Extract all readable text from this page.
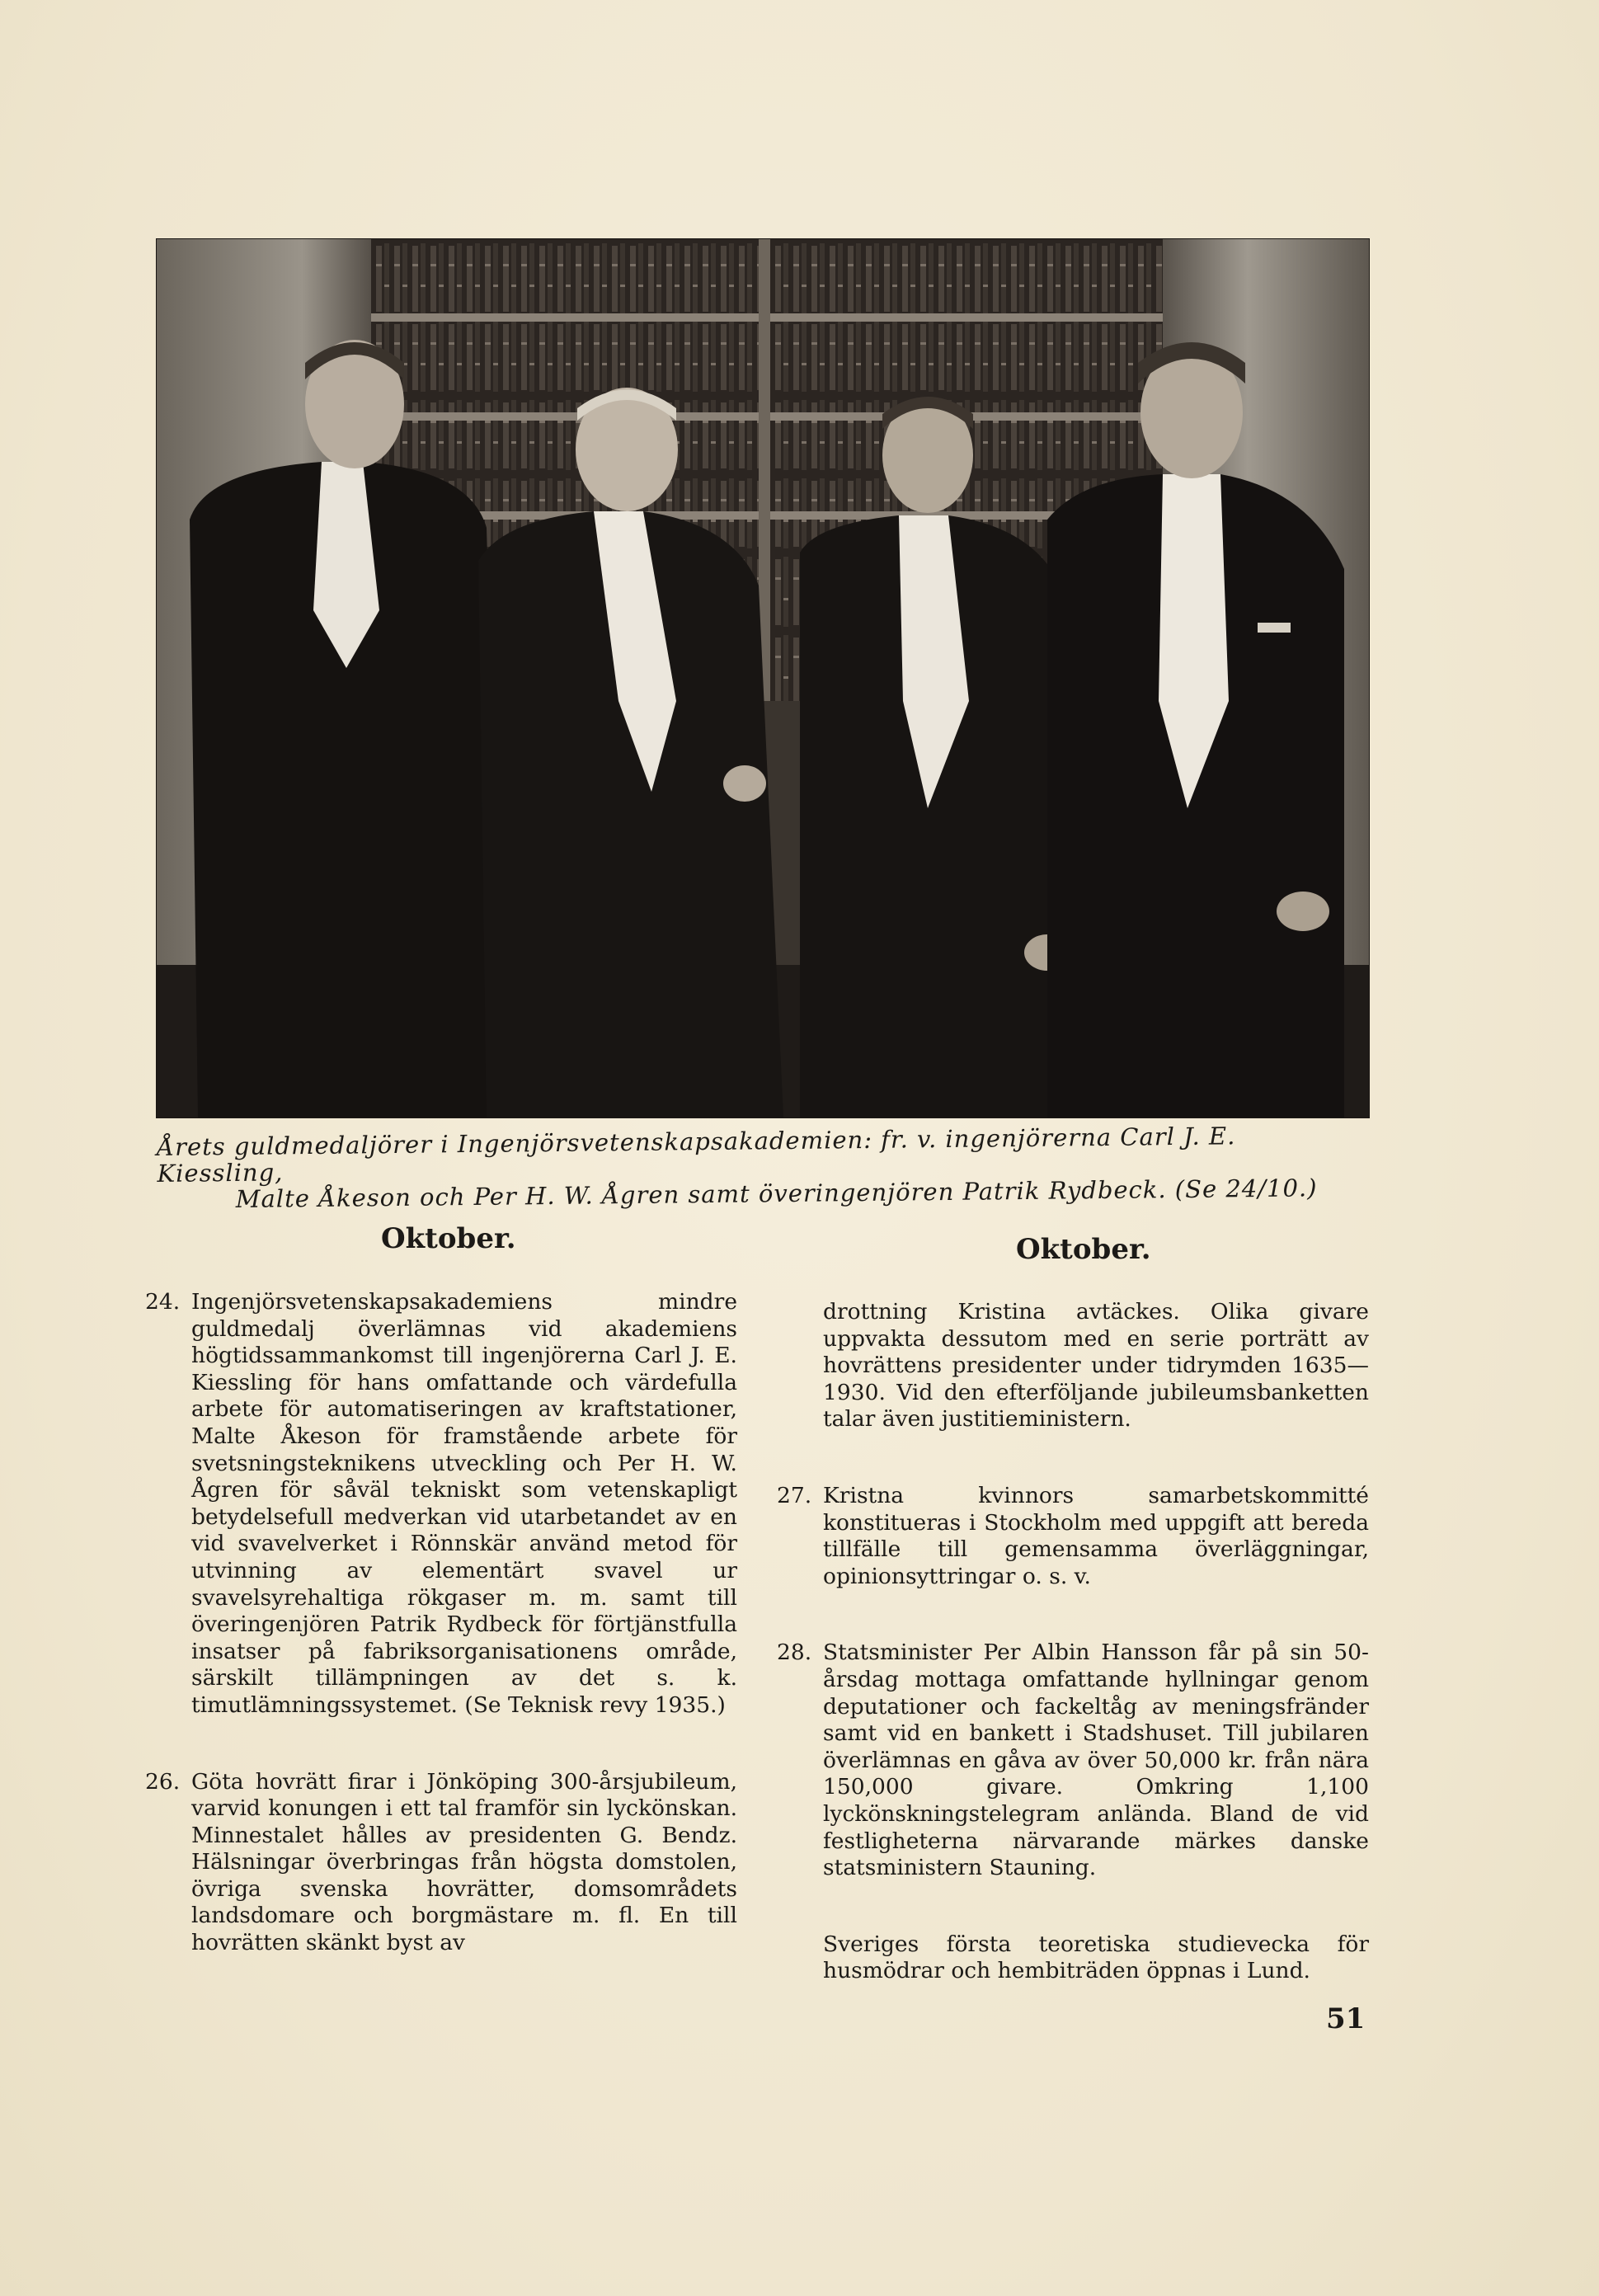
Årets guldmedaljörer i Ingenjörsvetenskapsakademien: fr. v. ingenjörerna Carl J. E. Kiessling,
Malte Åkeson och Per H. W. Ågren samt överingenjören Patrik Rydbeck. (Se 24/10.)
Oktober.	Oktober.
24. Ingenjörsvetenskapsakademiens mindre guldmedalj överlämnas vid akademiens högtidssammankomst till ingenjörerna Carl J. E. Kiessling för hans omfattande och värdefulla arbete för automatiseringen av kraftstationer, Malte Åkeson för framstående arbete för svetsningsteknikens utveckling och Per H. W. Ågren för såväl tekniskt som vetenskapligt betydelsefull medverkan vid utarbetandet av en vid svavelverket i Rönnskär använd metod för utvinning av elementärt svavel ur svavelsyrehaltiga rökgaser m. m. samt till överingenjören Patrik Rydbeck för förtjänstfulla insatser på fabriksorganisationens område, särskilt tillämpningen av det s. k. timutlämningssystemet. (Se Teknisk revy 1935.)
26. Göta hovrätt firar i Jönköping 300-årsjubileum, varvid konungen i ett tal framför sin lyckönskan. Minnestalet hålles av presidenten G. Bendz. Hälsningar överbringas från högsta domstolen, övriga svenska hovrätter, domsområdets landsdomare och borgmästare m. fl. En till hovrätten skänkt byst av
drottning Kristina avtäckes. Olika givare uppvakta dessutom med en serie porträtt av hovrättens presidenter under tidrymden 1635—1930. Vid den efterföljande jubileumsbanketten talar även justitieministern.
27. Kristna kvinnors samarbetskommitté konstitueras i Stockholm med uppgift att bereda tillfälle till gemensamma överläggningar, opinionsyttringar o. s. v.
28. Statsminister Per Albin Hansson får på sin 50-årsdag mottaga omfattande hyllningar genom deputationer och fackeltåg av meningsfränder samt vid en bankett i Stadshuset. Till jubilaren överlämnas en gåva av över 50,000 kr. från nära 150,000 givare. Omkring 1,100 lyckönskningstelegram anlända. Bland de vid festligheterna närvarande märkes danske statsministern Stauning.
Sveriges första teoretiska studievecka för husmödrar och hembiträden öppnas i Lund.
51
